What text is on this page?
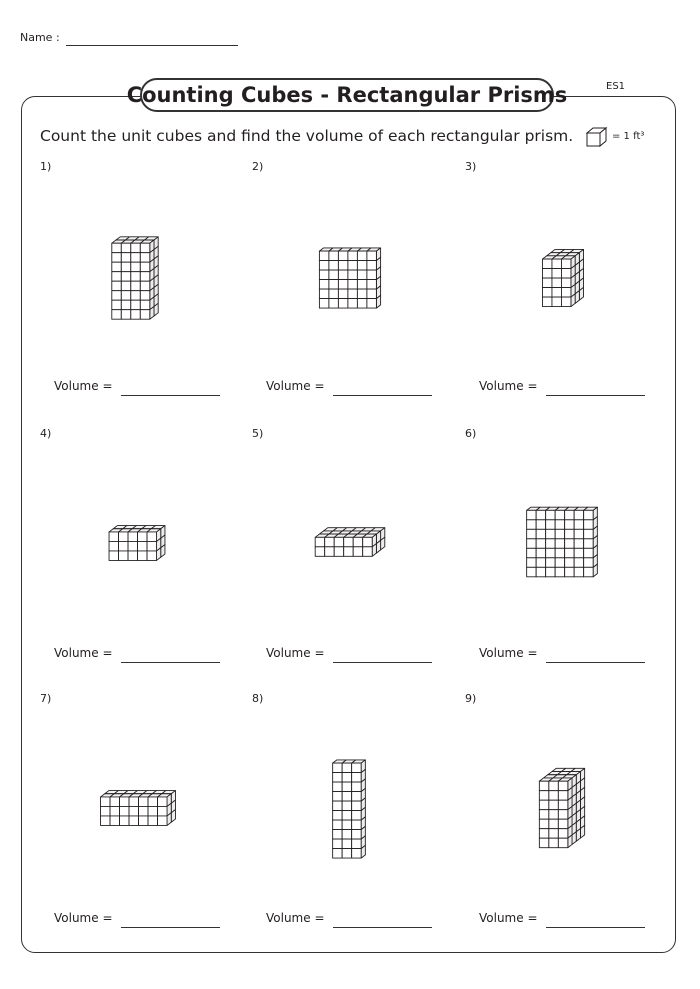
Name :
Counting Cubes - Rectangular Prisms	ES1
Count the unit cubes and find the volume of each rectangular prism.	= 1 ft³
1)
Volume =
2)
Volume =
3)
Volume =
4)
Volume =
5)
Volume =
6)
Volume =
7)
Volume =
8)
Volume =
9)
Volume =
